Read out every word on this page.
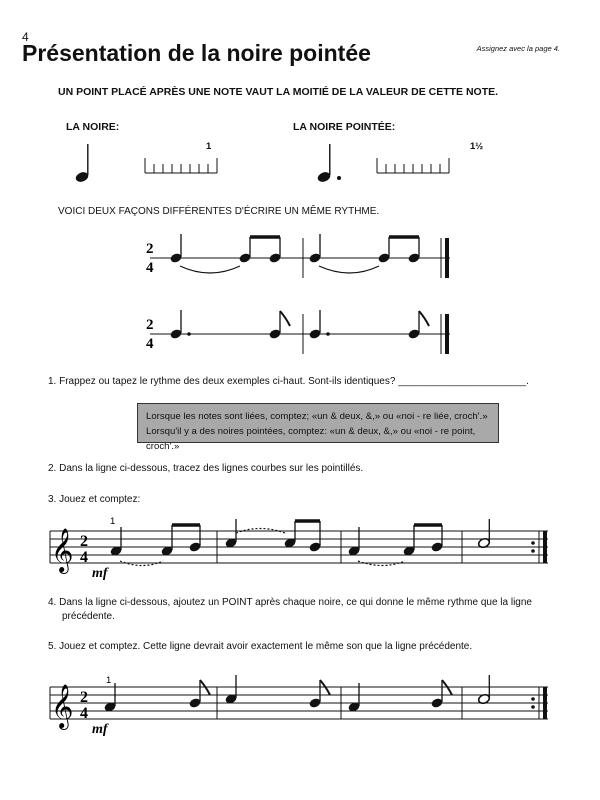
4
Présentation de la noire pointée	Assignez avec la page 4.
UN POINT PLACÉ APRÈS UNE NOTE VAUT LA MOITIÉ DE LA VALEUR DE CETTE NOTE.
LA NOIRE:	LA NOIRE POINTÉE:
1	1½
VOICI DEUX FAÇONS DIFFÉRENTES D'ÉCRIRE UN MÊME RYTHME.
1. Frappez ou tapez le rythme des deux exemples ci-haut. Sont-ils identiques? _______________________.
Lorsque les notes sont liées, comptez; «un & deux, &,» ou «noi - re liée, croch'.»
Lorsqu'il y a des noires pointées, comptez: «un & deux, &,» ou «noi - re point, croch'.»
2. Dans la ligne ci-dessous, tracez des lignes courbes sur les pointillés.
3. Jouez et comptez:
4. Dans la ligne ci-dessous, ajoutez un POINT après chaque noire, ce qui donne le même rythme que la ligne
précédente.
5. Jouez et comptez. Cette ligne devrait avoir exactement le même son que la ligne précédente.
2
4
2
4
𝄞 2
4
1
mf
𝄞 2
4
1
mf
